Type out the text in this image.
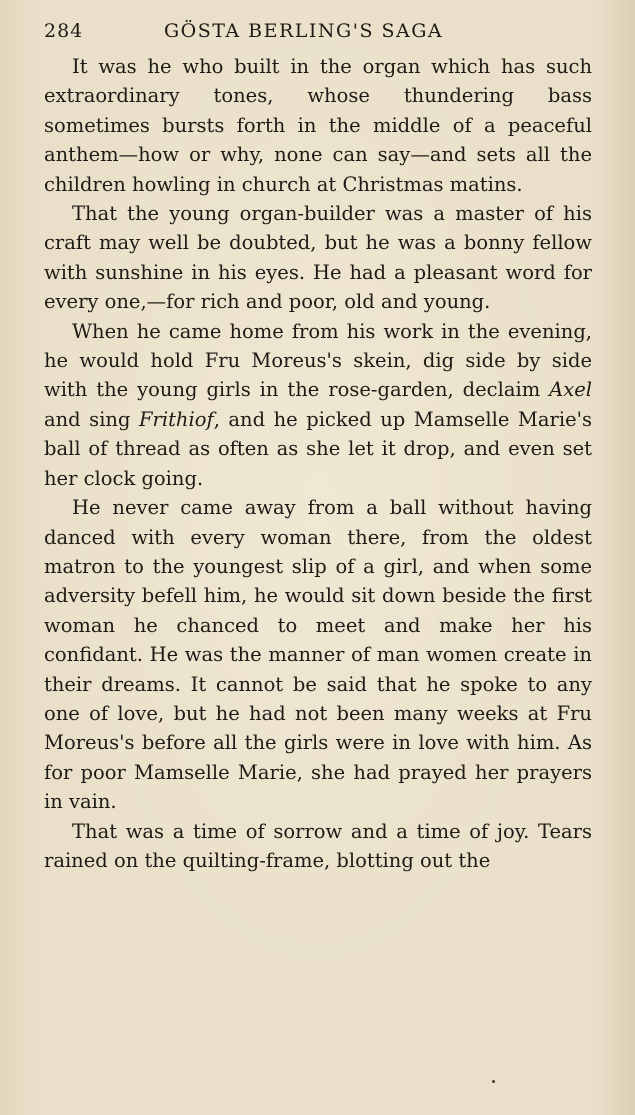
284	GÖSTA BERLING'S SAGA

It was he who built in the organ which has such extraordinary tones, whose thundering bass sometimes bursts forth in the middle of a peaceful anthem—how or why, none can say—and sets all the children howling in church at Christmas matins.

That the young organ-builder was a master of his craft may well be doubted, but he was a bonny fellow with sunshine in his eyes. He had a pleasant word for every one,—for rich and poor, old and young.

When he came home from his work in the evening, he would hold Fru Moreus's skein, dig side by side with the young girls in the rose-garden, declaim Axel and sing Frithiof, and he picked up Mamselle Marie's ball of thread as often as she let it drop, and even set her clock going.

He never came away from a ball without having danced with every woman there, from the oldest matron to the youngest slip of a girl, and when some adversity befell him, he would sit down beside the first woman he chanced to meet and make her his confidant. He was the manner of man women create in their dreams. It cannot be said that he spoke to any one of love, but he had not been many weeks at Fru Moreus's before all the girls were in love with him. As for poor Mamselle Marie, she had prayed her prayers in vain.

That was a time of sorrow and a time of joy. Tears rained on the quilting-frame, blotting out the
